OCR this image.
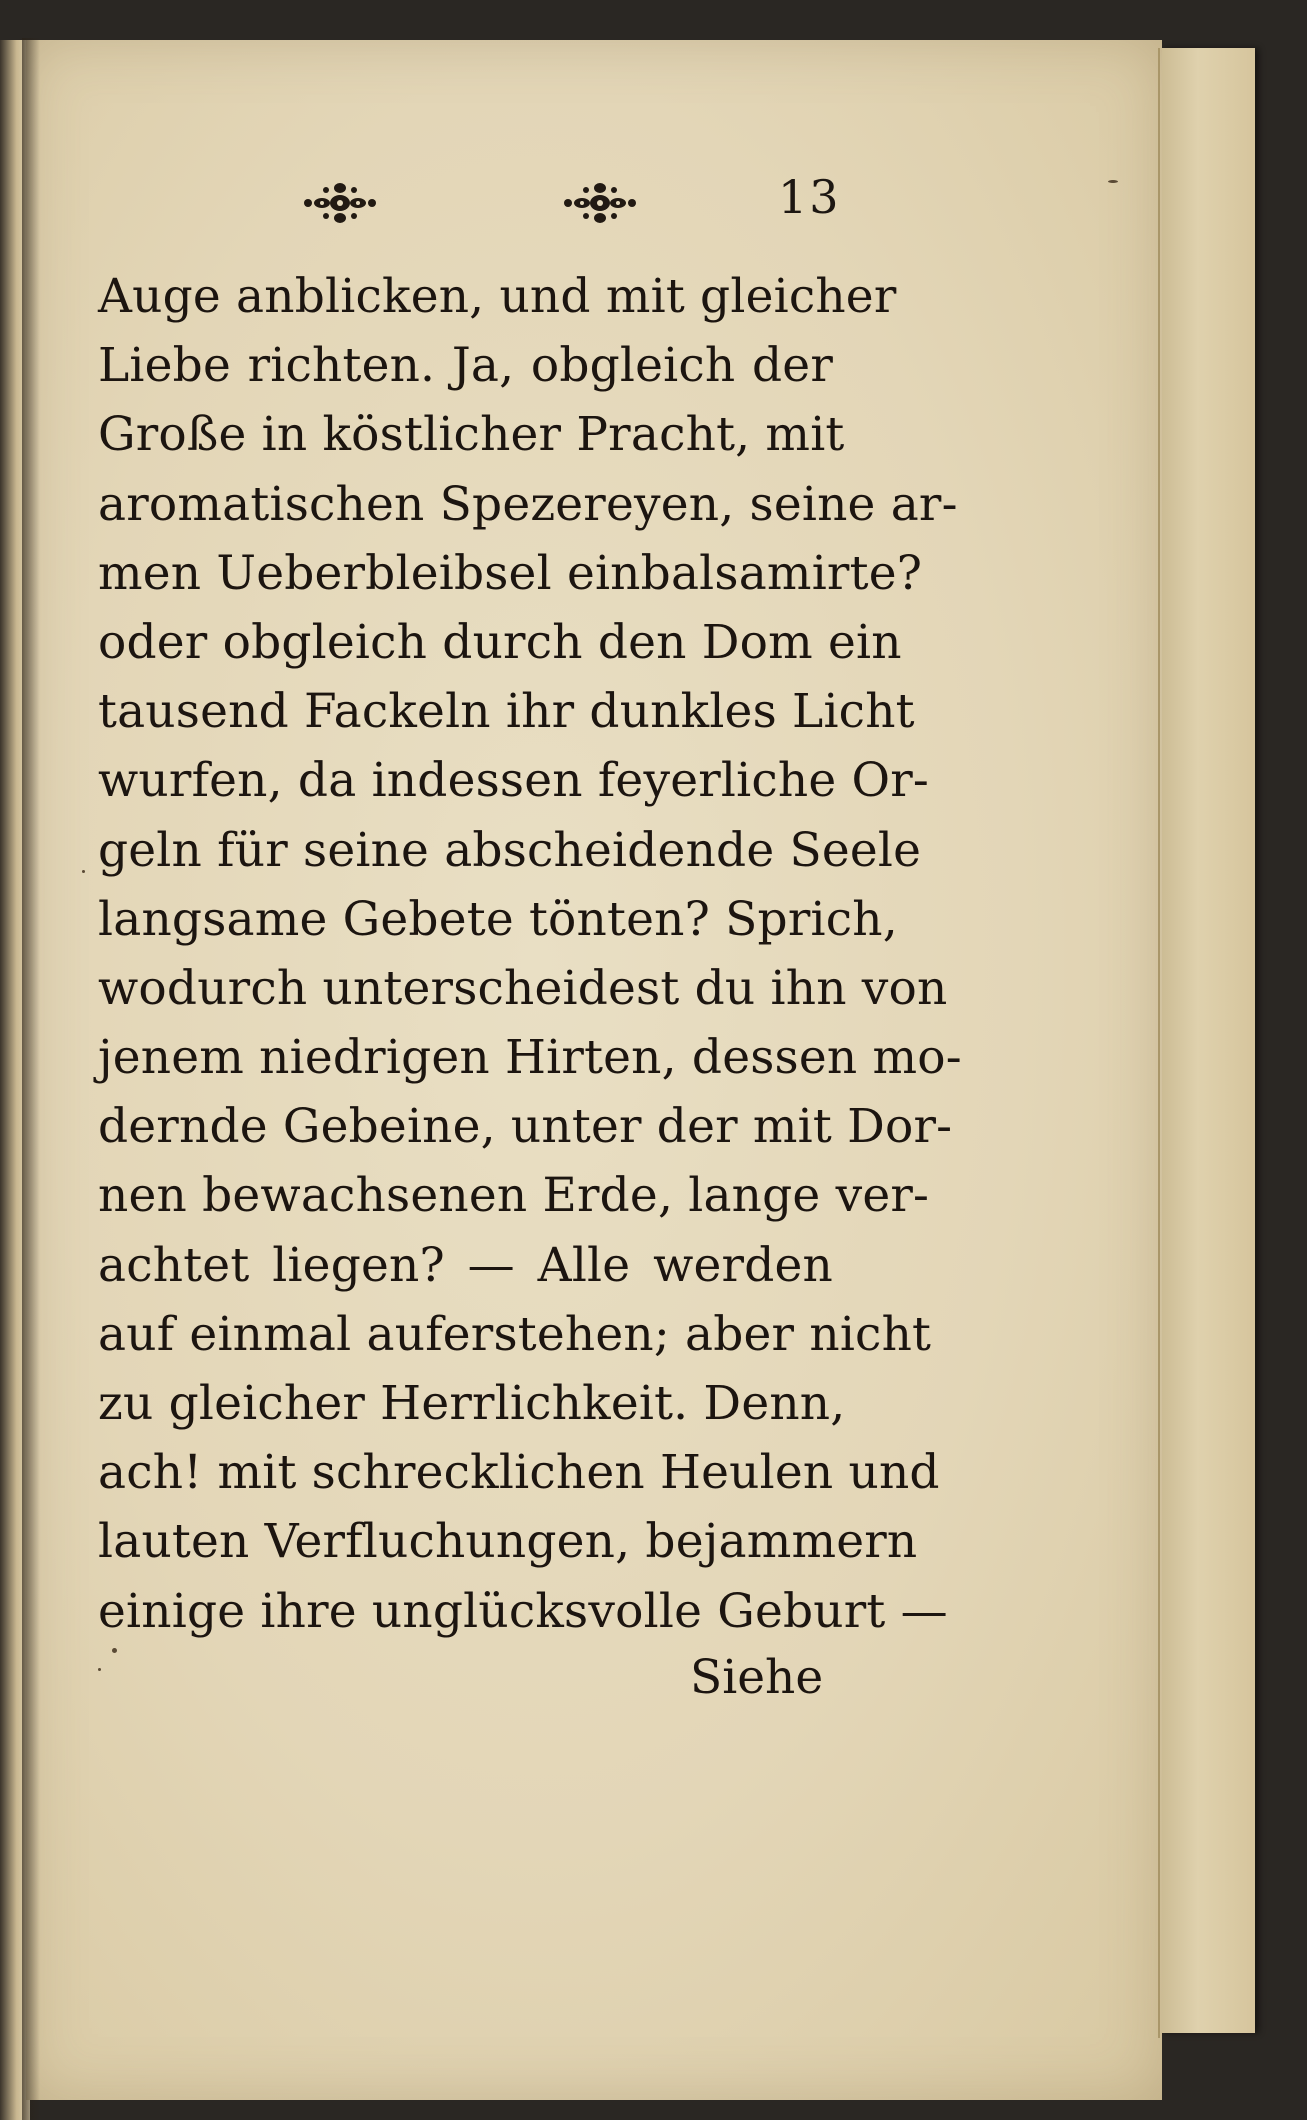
13
Auge anblicken, und mit gleicher
Liebe richten. Ja, obgleich der
Große in köstlicher Pracht, mit
aromatischen Spezereyen, seine ar-
men Ueberbleibsel einbalsamirte?
oder obgleich durch den Dom ein
tausend Fackeln ihr dunkles Licht
wurfen, da indessen feyerliche Or-
geln für seine abscheidende Seele
langsame Gebete tönten? Sprich,
wodurch unterscheidest du ihn von
jenem niedrigen Hirten, dessen mo-
dernde Gebeine, unter der mit Dor-
nen bewachsenen Erde, lange ver-
achtet liegen? — Alle werden
auf einmal auferstehen; aber nicht
zu gleicher Herrlichkeit. Denn,
ach! mit schrecklichen Heulen und
lauten Verfluchungen, bejammern
einige ihre unglücksvolle Geburt —
Siehe
